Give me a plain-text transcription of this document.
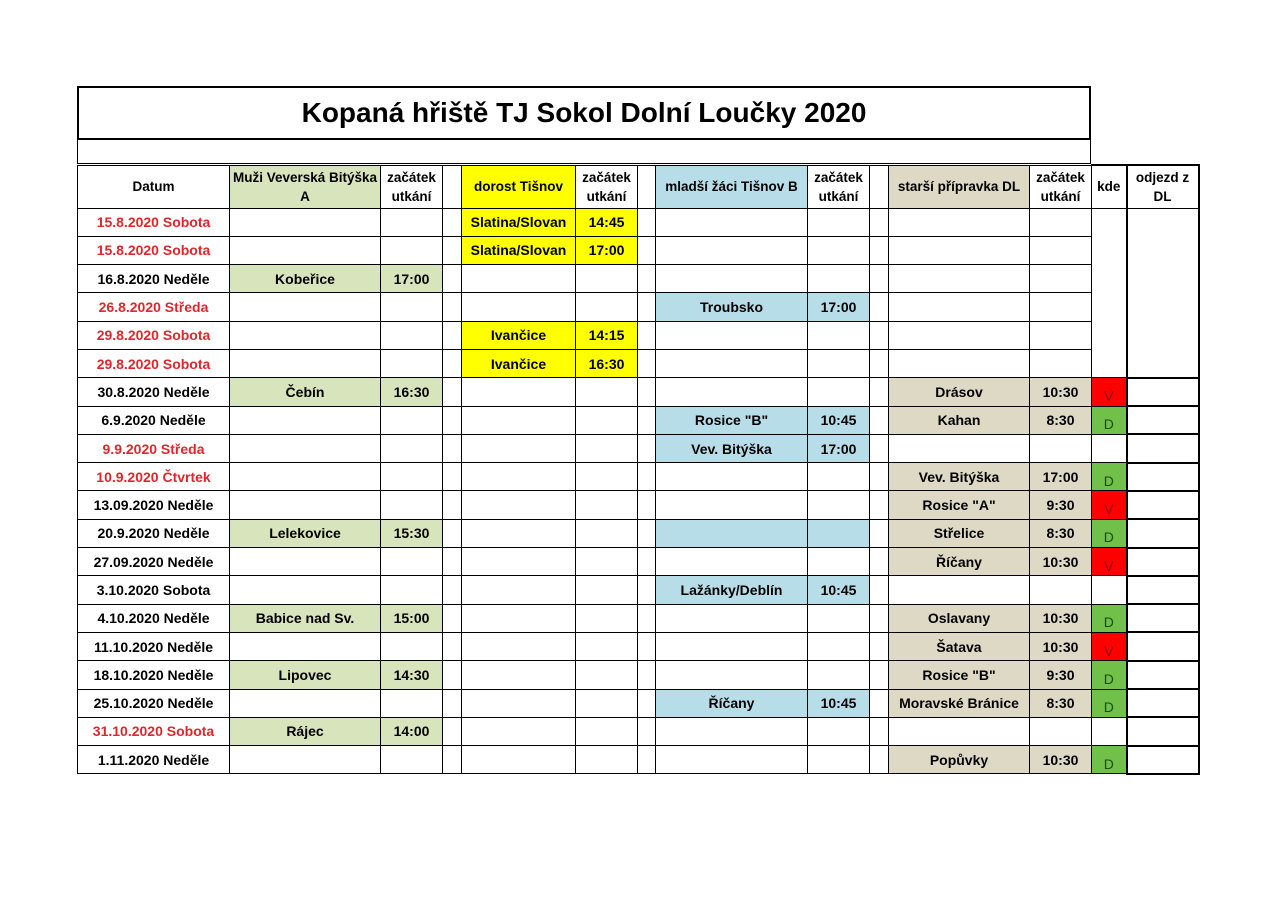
Kopaná hřiště TJ Sokol Dolní Loučky 2020
Datum	Muži Veverská Bitýška A	začátek utkání		dorost Tišnov	začátek utkání		mladší žáci Tišnov B	začátek utkání		starší přípravka DL	začátek utkání	kde	odjezd z DL
15.8.2020 Sobota				Slatina/Slovan	14:45								
15.8.2020 Sobota				Slatina/Slovan	17:00								
16.8.2020 Neděle	Kobeřice	17:00											
26.8.2020 Středa							Troubsko	17:00					
29.8.2020 Sobota				Ivančice	14:15								
29.8.2020 Sobota				Ivančice	16:30								
30.8.2020 Neděle	Čebín	16:30								Drásov	10:30	V	
6.9.2020 Neděle							Rosice "B"	10:45		Kahan	8:30	D	
9.9.2020 Středa							Vev. Bitýška	17:00					
10.9.2020 Čtvrtek										Vev. Bitýška	17:00	D	
13.09.2020 Neděle										Rosice "A"	9:30	V	
20.9.2020 Neděle	Lelekovice	15:30								Střelice	8:30	D	
27.09.2020 Neděle										Říčany	10:30	V	
3.10.2020 Sobota							Lažánky/Deblín	10:45					
4.10.2020 Neděle	Babice nad Sv.	15:00								Oslavany	10:30	D	
11.10.2020 Neděle										Šatava	10:30	V	
18.10.2020 Neděle	Lipovec	14:30								Rosice "B"	9:30	D	
25.10.2020 Neděle							Říčany	10:45		Moravské Bránice	8:30	D	
31.10.2020 Sobota	Rájec	14:00											
1.11.2020 Neděle										Popůvky	10:30	D	
